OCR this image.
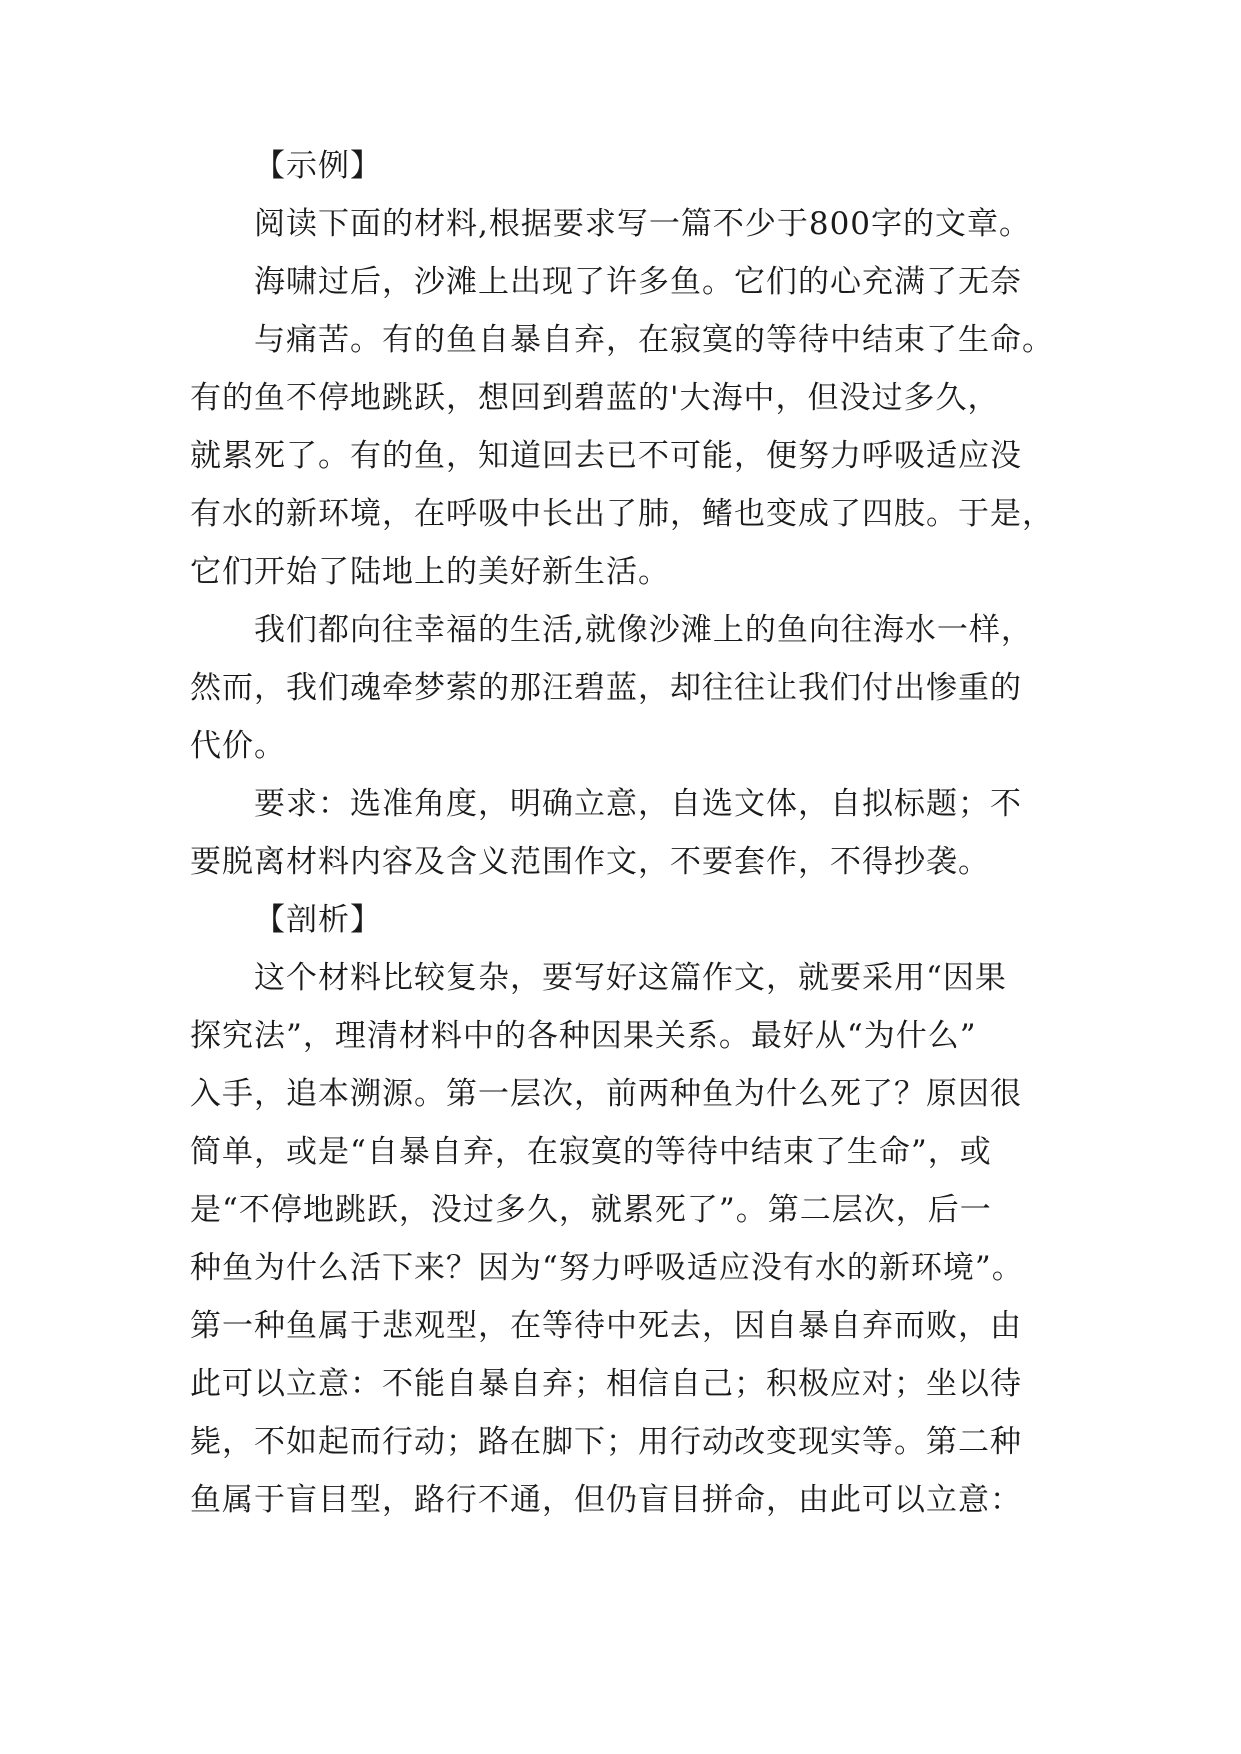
【示例】
阅读下面的材料,根据要求写一篇不少于800字的文章。
海啸过后，沙滩上出现了许多鱼。它们的心充满了无奈
与痛苦。有的鱼自暴自弃，在寂寞的等待中结束了生命。
有的鱼不停地跳跃，想回到碧蓝的'大海中，但没过多久，
就累死了。有的鱼，知道回去已不可能，便努力呼吸适应没
有水的新环境，在呼吸中长出了肺，鳍也变成了四肢。于是，
它们开始了陆地上的美好新生活。
我们都向往幸福的生活,就像沙滩上的鱼向往海水一样，
然而，我们魂牵梦萦的那汪碧蓝，却往往让我们付出惨重的
代价。
要求：选准角度，明确立意，自选文体，自拟标题；不
要脱离材料内容及含义范围作文，不要套作，不得抄袭。
【剖析】
这个材料比较复杂，要写好这篇作文，就要采用“因果
探究法”，理清材料中的各种因果关系。最好从“为什么”
入手，追本溯源。第一层次，前两种鱼为什么死了？原因很
简单，或是“自暴自弃，在寂寞的等待中结束了生命”，或
是“不停地跳跃，没过多久，就累死了”。第二层次，后一
种鱼为什么活下来？因为“努力呼吸适应没有水的新环境”。
第一种鱼属于悲观型，在等待中死去，因自暴自弃而败，由
此可以立意：不能自暴自弃；相信自己；积极应对；坐以待
毙，不如起而行动；路在脚下；用行动改变现实等。第二种
鱼属于盲目型，路行不通，但仍盲目拼命，由此可以立意：
